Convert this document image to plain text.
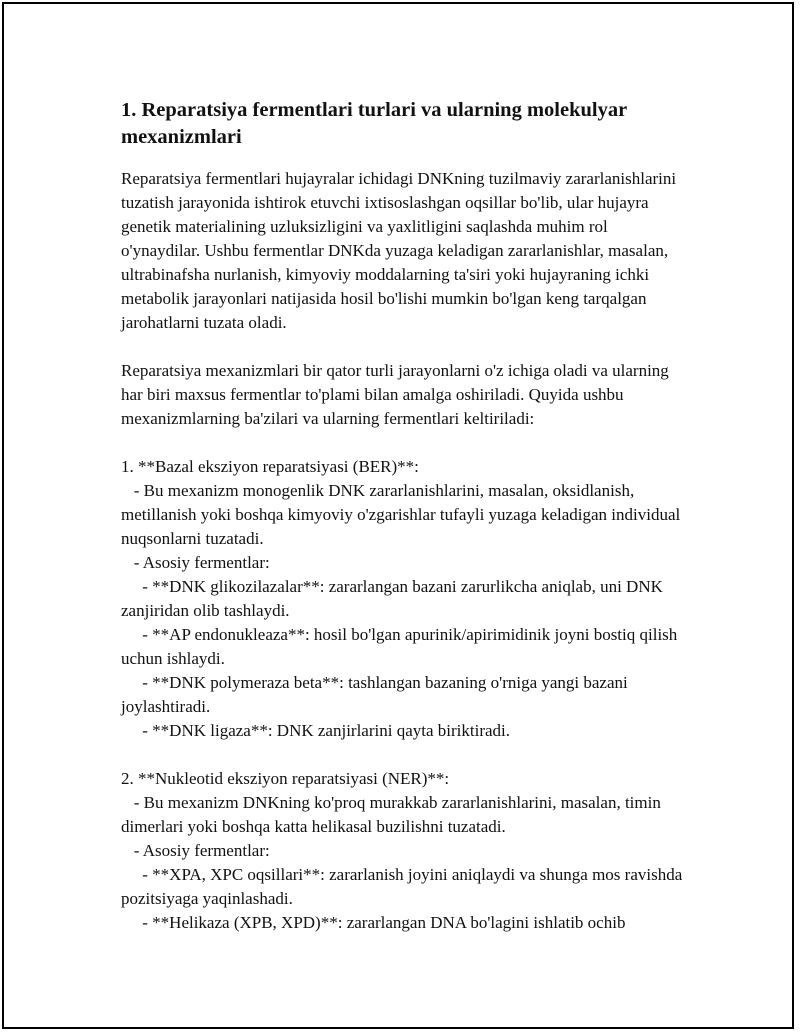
1. Reparatsiya fermentlari turlari va ularning molekulyar mexanizmlari

Reparatsiya fermentlari hujayralar ichidagi DNKning tuzilmaviy zararlanishlarini tuzatish jarayonida ishtirok etuvchi ixtisoslashgan oqsillar bo'lib, ular hujayra genetik materialining uzluksizligini va yaxlitligini saqlashda muhim rol o'ynaydilar. Ushbu fermentlar DNKda yuzaga keladigan zararlanishlar, masalan, ultrabinafsha nurlanish, kimyoviy moddalarning ta'siri yoki hujayraning ichki metabolik jarayonlari natijasida hosil bo'lishi mumkin bo'lgan keng tarqalgan jarohatlarni tuzata oladi.

Reparatsiya mexanizmlari bir qator turli jarayonlarni o'z ichiga oladi va ularning har biri maxsus fermentlar to'plami bilan amalga oshiriladi. Quyida ushbu mexanizmlarning ba'zilari va ularning fermentlari keltiriladi:

1. **Bazal eksziyon reparatsiyasi (BER)**:
- Bu mexanizm monogenlik DNK zararlanishlarini, masalan, oksidlanish, metillanish yoki boshqa kimyoviy o'zgarishlar tufayli yuzaga keladigan individual nuqsonlarni tuzatadi.
- Asosiy fermentlar:
- **DNK glikozilazalar**: zararlangan bazani zarurlikcha aniqlab, uni DNK zanjiridan olib tashlaydi.
- **AP endonukleaza**: hosil bo'lgan apurinik/apirimidinik joyni bostiq qilish uchun ishlaydi.
- **DNK polymeraza beta**: tashlangan bazaning o'rniga yangi bazani joylashtiradi.
- **DNK ligaza**: DNK zanjirlarini qayta biriktiradi.

2. **Nukleotid eksziyon reparatsiyasi (NER)**:
- Bu mexanizm DNKning ko'proq murakkab zararlanishlarini, masalan, timin dimerlari yoki boshqa katta helikasal buzilishni tuzatadi.
- Asosiy fermentlar:
- **XPA, XPC oqsillari**: zararlanish joyini aniqlaydi va shunga mos ravishda pozitsiyaga yaqinlashadi.
- **Helikaza (XPB, XPD)**: zararlangan DNA bo'lagini ishlatib ochib
